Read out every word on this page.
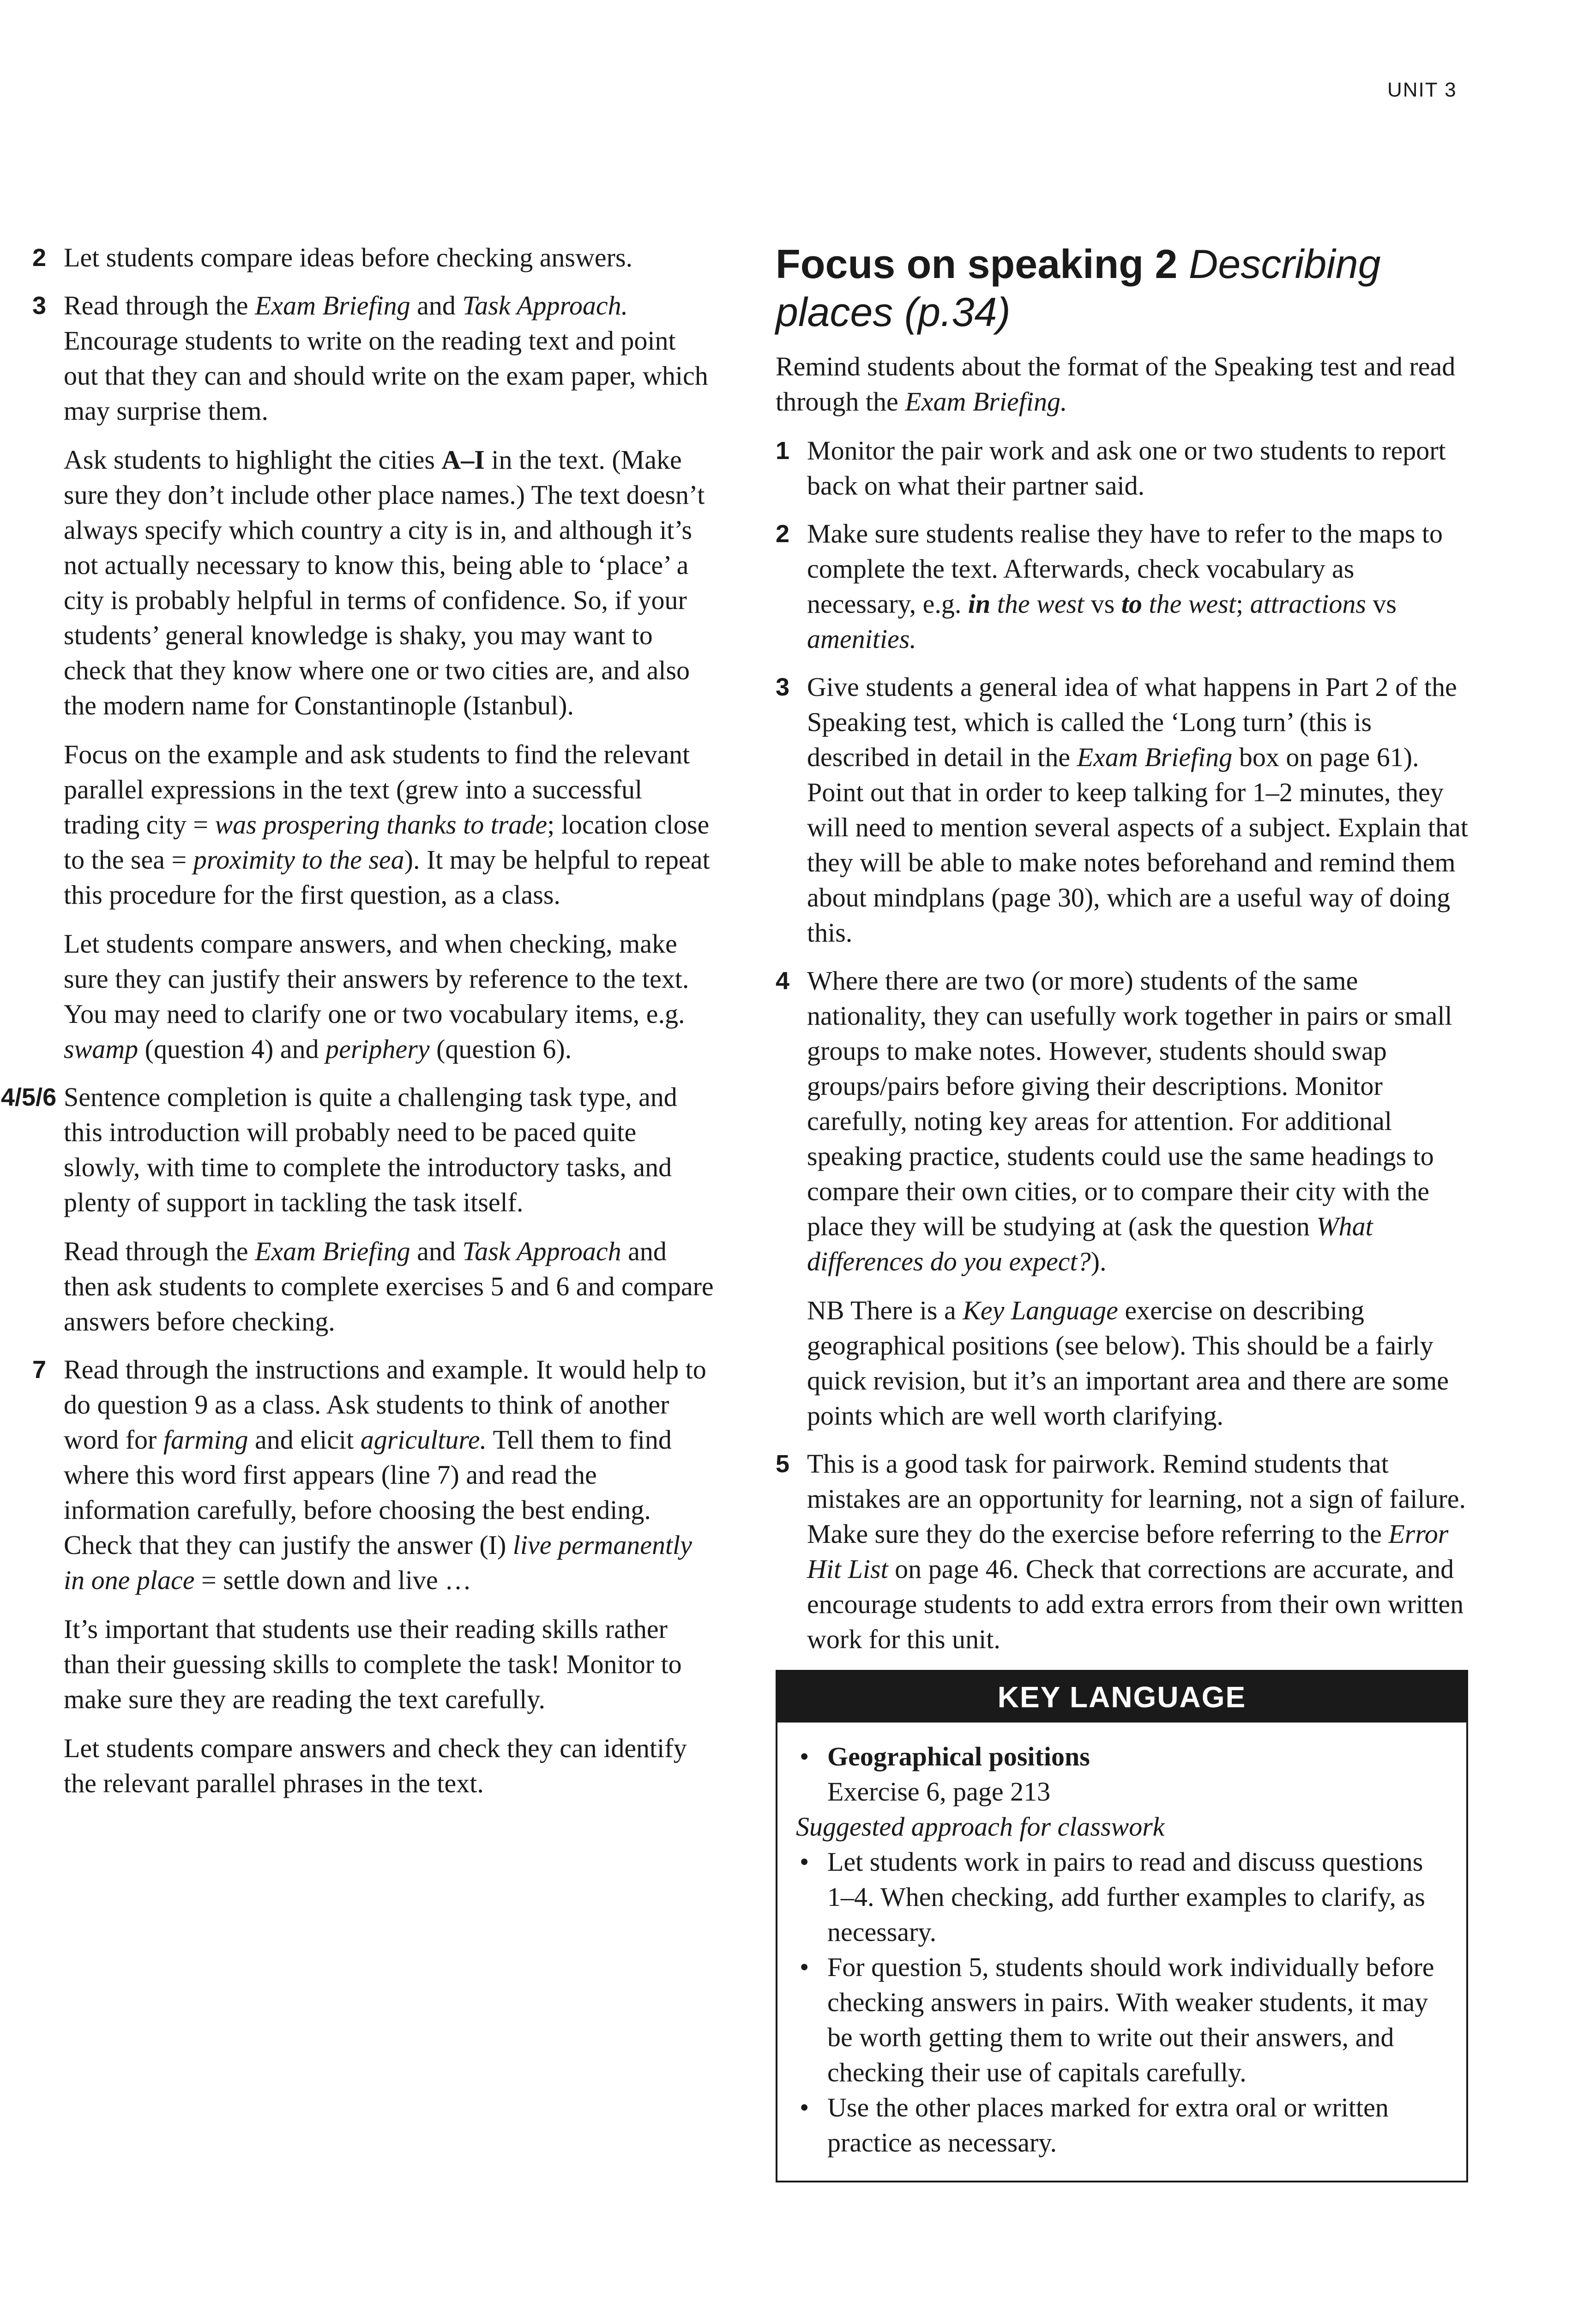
UNIT 3
2 Let students compare ideas before checking answers.

3 Read through the Exam Briefing and Task Approach. Encourage students to write on the reading text and point out that they can and should write on the exam paper, which may surprise them.

Ask students to highlight the cities A–I in the text. (Make sure they don’t include other place names.) The text doesn’t always specify which country a city is in, and although it’s not actually necessary to know this, being able to ‘place’ a city is probably helpful in terms of confidence. So, if your students’ general knowledge is shaky, you may want to check that they know where one or two cities are, and also the modern name for Constantinople (Istanbul).

Focus on the example and ask students to find the relevant parallel expressions in the text (grew into a successful trading city = was prospering thanks to trade; location close to the sea = proximity to the sea). It may be helpful to repeat this procedure for the first question, as a class.

Let students compare answers, and when checking, make sure they can justify their answers by reference to the text. You may need to clarify one or two vocabulary items, e.g. swamp (question 4) and periphery (question 6).

4/5/6 Sentence completion is quite a challenging task type, and this introduction will probably need to be paced quite slowly, with time to complete the introductory tasks, and plenty of support in tackling the task itself.

Read through the Exam Briefing and Task Approach and then ask students to complete exercises 5 and 6 and compare answers before checking.

7 Read through the instructions and example. It would help to do question 9 as a class. Ask students to think of another word for farming and elicit agriculture. Tell them to find where this word first appears (line 7) and read the information carefully, before choosing the best ending. Check that they can justify the answer (I) live permanently in one place = settle down and live …

It’s important that students use their reading skills rather than their guessing skills to complete the task! Monitor to make sure they are reading the text carefully.

Let students compare answers and check they can identify the relevant parallel phrases in the text.

Focus on speaking 2 Describing places (p.34)

Remind students about the format of the Speaking test and read through the Exam Briefing.

1 Monitor the pair work and ask one or two students to report back on what their partner said.

2 Make sure students realise they have to refer to the maps to complete the text. Afterwards, check vocabulary as necessary, e.g. in the west vs to the west; attractions vs amenities.

3 Give students a general idea of what happens in Part 2 of the Speaking test, which is called the ‘Long turn’ (this is described in detail in the Exam Briefing box on page 61). Point out that in order to keep talking for 1–2 minutes, they will need to mention several aspects of a subject. Explain that they will be able to make notes beforehand and remind them about mindplans (page 30), which are a useful way of doing this.

4 Where there are two (or more) students of the same nationality, they can usefully work together in pairs or small groups to make notes. However, students should swap groups/pairs before giving their descriptions. Monitor carefully, noting key areas for attention. For additional speaking practice, students could use the same headings to compare their own cities, or to compare their city with the place they will be studying at (ask the question What differences do you expect?).

NB There is a Key Language exercise on describing geographical positions (see below). This should be a fairly quick revision, but it’s an important area and there are some points which are well worth clarifying.

5 This is a good task for pairwork. Remind students that mistakes are an opportunity for learning, not a sign of failure. Make sure they do the exercise before referring to the Error Hit List on page 46. Check that corrections are accurate, and encourage students to add extra errors from their own written work for this unit.

KEY LANGUAGE
• Geographical positions
Exercise 6, page 213
Suggested approach for classwork
• Let students work in pairs to read and discuss questions 1–4. When checking, add further examples to clarify, as necessary.
• For question 5, students should work individually before checking answers in pairs. With weaker students, it may be worth getting them to write out their answers, and checking their use of capitals carefully.
• Use the other places marked for extra oral or written practice as necessary.
